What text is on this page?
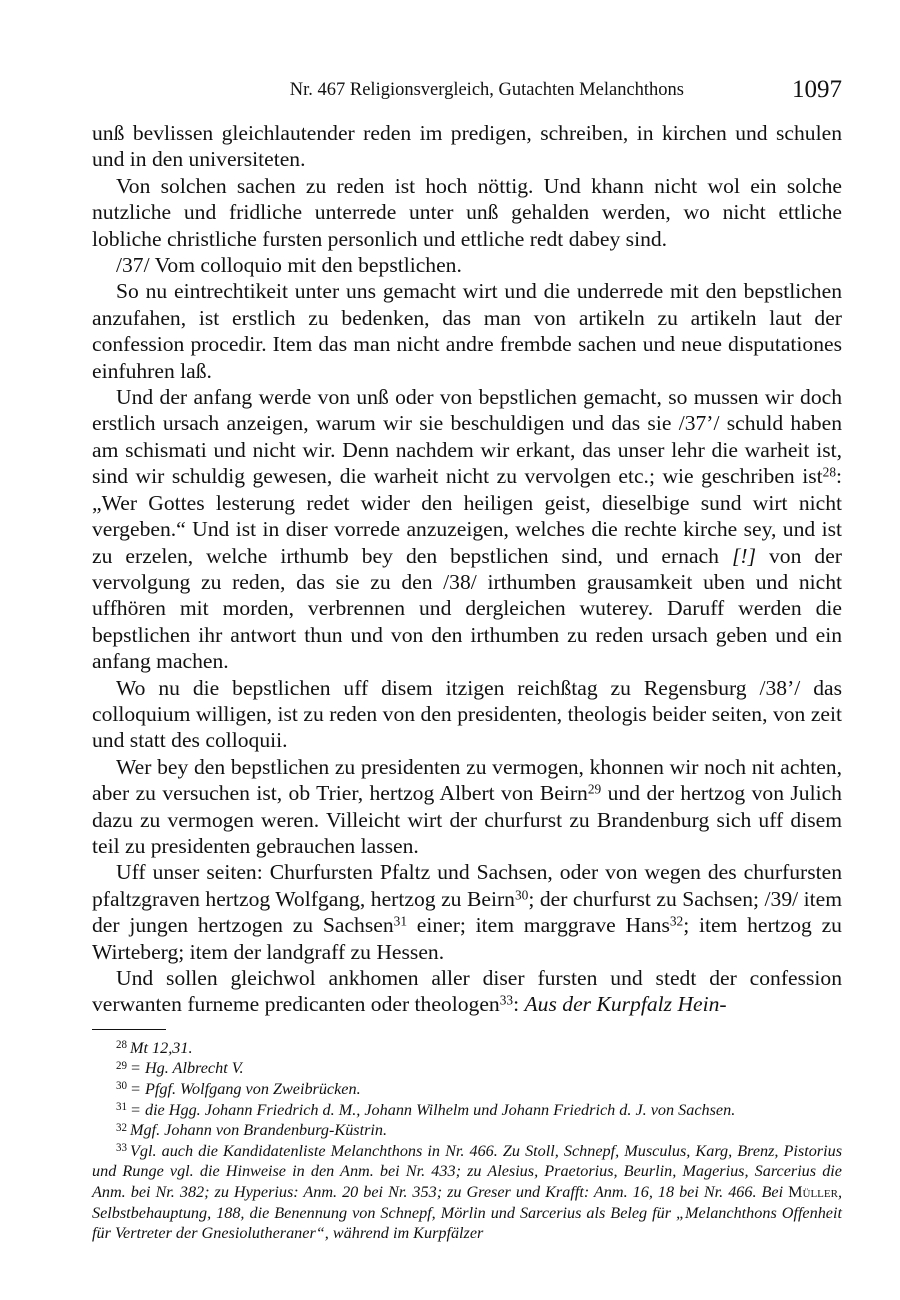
Nr. 467 Religionsvergleich, Gutachten Melanchthons	1097

unß bevlissen gleichlautender reden im predigen, schreiben, in kirchen und schulen und in den universiteten.

Von solchen sachen zu reden ist hoch nöttig. Und khann nicht wol ein solche nutzliche und fridliche unterrede unter unß gehalden werden, wo nicht ettliche lobliche christliche fursten personlich und ettliche redt dabey sind.

/37/ Vom colloquio mit den bepstlichen.

So nu eintrechtikeit unter uns gemacht wirt und die underrede mit den bepstlichen anzufahen, ist erstlich zu bedenken, das man von artikeln zu artikeln laut der confession procedir. Item das man nicht andre frembde sachen und neue disputationes einfuhren laß.

Und der anfang werde von unß oder von bepstlichen gemacht, so mussen wir doch erstlich ursach anzeigen, warum wir sie beschuldigen und das sie /37’/ schuld haben am schismati und nicht wir. Denn nachdem wir erkant, das unser lehr die warheit ist, sind wir schuldig gewesen, die warheit nicht zu vervolgen etc.; wie geschriben ist$^{28}$: „Wer Gottes lesterung redet wider den heiligen geist, dieselbige sund wirt nicht vergeben.“ Und ist in diser vorrede anzuzeigen, welches die rechte kirche sey, und ist zu erzelen, welche irthumb bey den bepstlichen sind, und ernach [!] von der vervolgung zu reden, das sie zu den /38/ irthumben grausamkeit uben und nicht uffhören mit morden, verbrennen und dergleichen wuterey. Daruff werden die bepstlichen ihr antwort thun und von den irthumben zu reden ursach geben und ein anfang machen.

Wo nu die bepstlichen uff disem itzigen reichßtag zu Regensburg /38’/ das colloquium willigen, ist zu reden von den presidenten, theologis beider seiten, von zeit und statt des colloquii.

Wer bey den bepstlichen zu presidenten zu vermogen, khonnen wir noch nit achten, aber zu versuchen ist, ob Trier, hertzog Albert von Beirn$^{29}$ und der hertzog von Julich dazu zu vermogen weren. Villeicht wirt der churfurst zu Brandenburg sich uff disem teil zu presidenten gebrauchen lassen.

Uff unser seiten: Churfursten Pfaltz und Sachsen, oder von wegen des churfursten pfaltzgraven hertzog Wolfgang, hertzog zu Beirn$^{30}$; der churfurst zu Sachsen; /39/ item der jungen hertzogen zu Sachsen$^{31}$ einer; item marggrave Hans$^{32}$; item hertzog zu Wirteberg; item der landgraff zu Hessen.

Und sollen gleichwol ankhomen aller diser fursten und stedt der confession verwanten furneme predicanten oder theologen$^{33}$: Aus der Kurpfalz Hein-

$^{28}$ Mt 12,31.
$^{29}$ = Hg. Albrecht V.
$^{30}$ = Pfgf. Wolfgang von Zweibrücken.
$^{31}$ = die Hgg. Johann Friedrich d. M., Johann Wilhelm und Johann Friedrich d. J. von Sachsen.
$^{32}$ Mgf. Johann von Brandenburg-Küstrin.
$^{33}$ Vgl. auch die Kandidatenliste Melanchthons in Nr. 466. Zu Stoll, Schnepf, Musculus, Karg, Brenz, Pistorius und Runge vgl. die Hinweise in den Anm. bei Nr. 433; zu Alesius, Praetorius, Beurlin, Magerius, Sarcerius die Anm. bei Nr. 382; zu Hyperius: Anm. 20 bei Nr. 353; zu Greser und Krafft: Anm. 16, 18 bei Nr. 466. Bei Müller, Selbstbehauptung, 188, die Benennung von Schnepf, Mörlin und Sarcerius als Beleg für „Melanchthons Offenheit für Vertreter der Gnesiolutheraner“, während im Kurpfälzer
